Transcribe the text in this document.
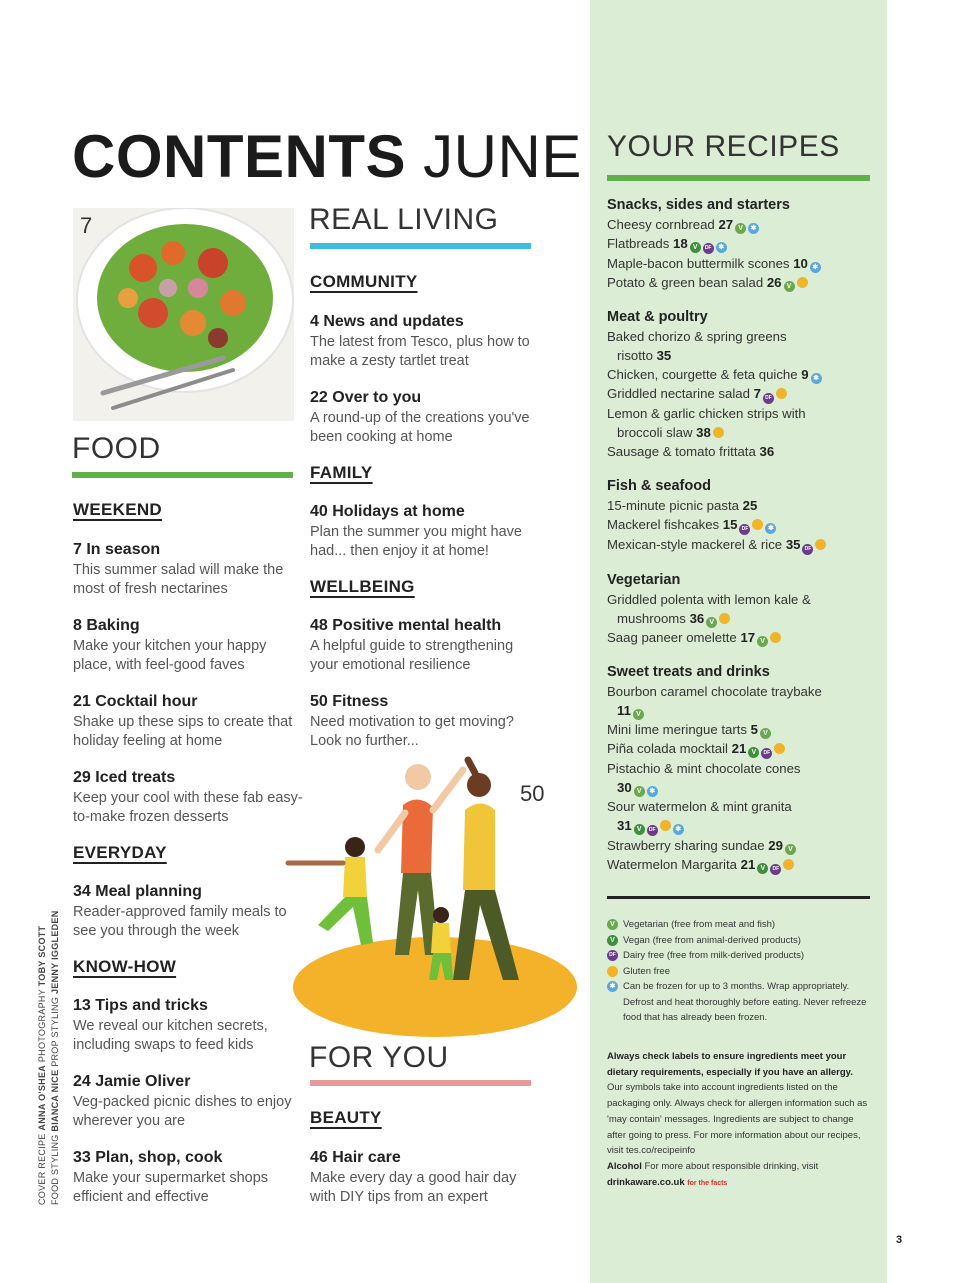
CONTENTS JUNE
7
FOOD
WEEKEND
7 In season
This summer salad will make the most of fresh nectarines
8 Baking
Make your kitchen your happy place, with feel-good faves
21 Cocktail hour
Shake up these sips to create that holiday feeling at home
29 Iced treats
Keep your cool with these fab easy-to-make frozen desserts
EVERYDAY
34 Meal planning
Reader-approved family meals to see you through the week
KNOW-HOW
13 Tips and tricks
We reveal our kitchen secrets, including swaps to feed kids
24 Jamie Oliver
Veg-packed picnic dishes to enjoy wherever you are
33 Plan, shop, cook
Make your supermarket shops efficient and effective
REAL LIVING
COMMUNITY
4 News and updates
The latest from Tesco, plus how to make a zesty tartlet treat
22 Over to you
A round-up of the creations you've been cooking at home
FAMILY
40 Holidays at home
Plan the summer you might have had... then enjoy it at home!
WELLBEING
48 Positive mental health
A helpful guide to strengthening your emotional resilience
50 Fitness
Need motivation to get moving? Look no further...
50
FOR YOU
BEAUTY
46 Hair care
Make every day a good hair day with DIY tips from an expert
YOUR RECIPES
Snacks, sides and starters
Cheesy cornbread 27 V ✱
Flatbreads 18 V DF ✱
Maple-bacon buttermilk scones 10 ✱
Potato & green bean salad 26 V
Meat & poultry
Baked chorizo & spring greens
risotto 35
Chicken, courgette & feta quiche 9 ✱
Griddled nectarine salad 7 DF
Lemon & garlic chicken strips with
broccoli slaw 38
Sausage & tomato frittata 36
Fish & seafood
15-minute picnic pasta 25
Mackerel fishcakes 15 DF	✱
Mexican-style mackerel & rice 35 DF
Vegetarian
Griddled polenta with lemon kale &
mushrooms 36 V
Saag paneer omelette 17 V
Sweet treats and drinks
Bourbon caramel chocolate traybake
11 V
Mini lime meringue tarts 5 V
Piña colada mocktail 21 V DF
Pistachio & mint chocolate cones
30 V ✱
Sour watermelon & mint granita
31 V DF	✱
Strawberry sharing sundae 29 V
Watermelon Margarita 21 V DF
V Vegetarian (free from meat and fish)
V Vegan (free from animal-derived products)
DF Dairy free (free from milk-derived products)
Gluten free
✱ Can be frozen for up to 3 months. Wrap appropriately. Defrost and heat thoroughly before eating. Never refreeze food that has already been frozen.
Always check labels to ensure ingredients meet your dietary requirements, especially if you have an allergy. Our symbols take into account ingredients listed on the packaging only. Always check for allergen information such as 'may contain' messages. Ingredients are subject to change after going to press. For more information about our recipes, visit tes.co/recipeinfo
Alcohol For more about responsible drinking, visit
drinkaware.co.uk for the facts
COVER RECIPE ANNA O'SHEA PHOTOGRAPHY TOBY SCOTT
FOOD STYLING BIANCA NICE PROP STYLING JENNY IGGLEDEN
3
